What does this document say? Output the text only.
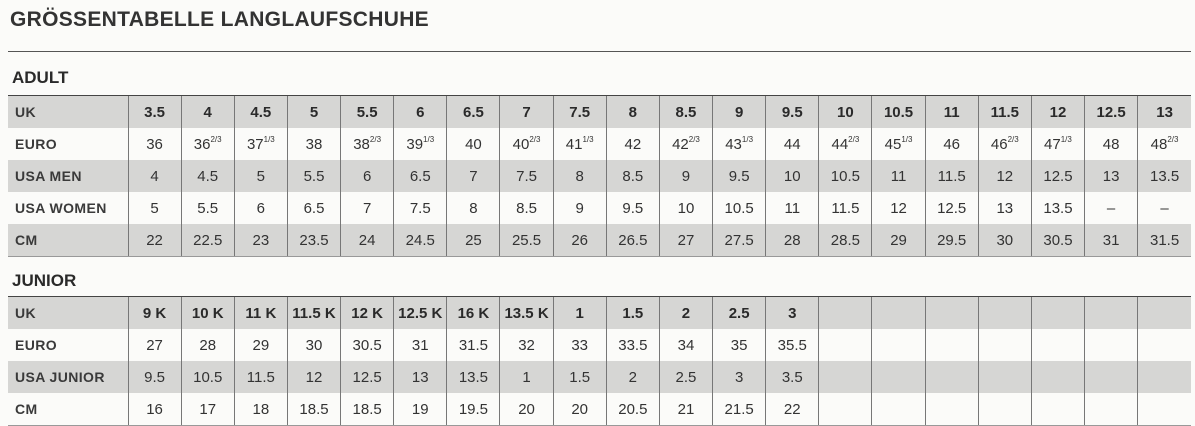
GRÖSSENTABELLE LANGLAUFSCHUHE
ADULT
UK	3.5	4	4.5	5	5.5	6	6.5	7	7.5	8	8.5	9	9.5	10	10.5	11	11.5	12	12.5	13
EURO	36	$36^{2/3}$	$37^{1/3}$	38	$38^{2/3}$	$39^{1/3}$	40	$40^{2/3}$	$41^{1/3}$	42	$42^{2/3}$	$43^{1/3}$	44	$44^{2/3}$	$45^{1/3}$	46	$46^{2/3}$	$47^{1/3}$	48	$48^{2/3}$
USA MEN	4	4.5	5	5.5	6	6.5	7	7.5	8	8.5	9	9.5	10	10.5	11	11.5	12	12.5	13	13.5
USA WOMEN	5	5.5	6	6.5	7	7.5	8	8.5	9	9.5	10	10.5	11	11.5	12	12.5	13	13.5	–	–
CM	22	22.5	23	23.5	24	24.5	25	25.5	26	26.5	27	27.5	28	28.5	29	29.5	30	30.5	31	31.5
JUNIOR
UK	9 K	10 K	11 K	11.5 K	12 K	12.5 K	16 K	13.5 K	1	1.5	2	2.5	3							
EURO	27	28	29	30	30.5	31	31.5	32	33	33.5	34	35	35.5							
USA JUNIOR	9.5	10.5	11.5	12	12.5	13	13.5	1	1.5	2	2.5	3	3.5							
CM	16	17	18	18.5	18.5	19	19.5	20	20	20.5	21	21.5	22							
